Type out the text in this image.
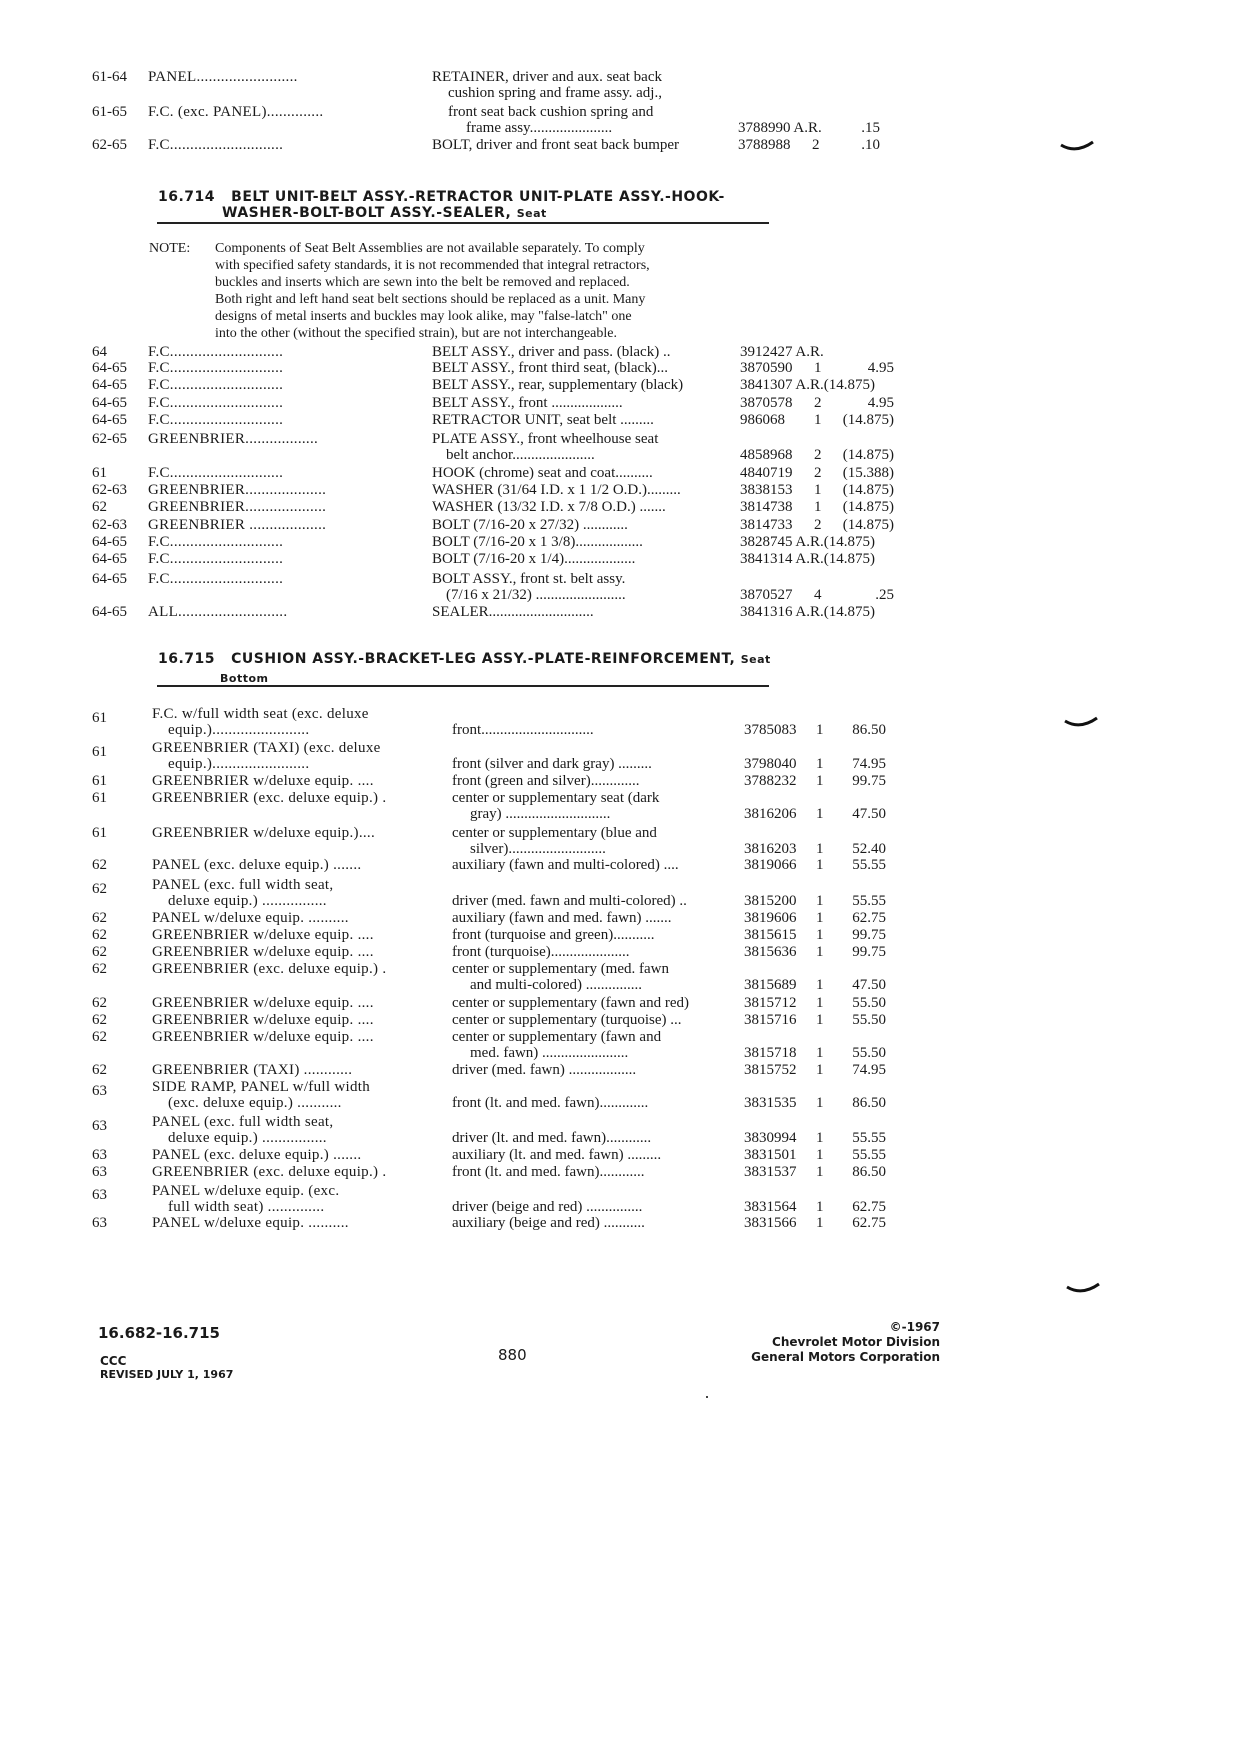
61-64	PANEL.........................	RETAINER, driver and aux. seat back
cushion spring and frame assy. adj.,
61-65	F.C. (exc. PANEL)..............	front seat back cushion spring and
frame assy......................	3788990 A.R.	.15
62-65	F.C............................	BOLT, driver and front seat back bumper	3788988	2	.10
16.714 BELT UNIT-BELT ASSY.-RETRACTOR UNIT-PLATE ASSY.-HOOK-
WASHER-BOLT-BOLT ASSY.-SEALER, Seat
NOTE: Components of Seat Belt Assemblies are not available separately. To comply
with specified safety standards, it is not recommended that integral retractors,
buckles and inserts which are sewn into the belt be removed and replaced.
Both right and left hand seat belt sections should be replaced as a unit. Many
designs of metal inserts and buckles may look alike, may "false-latch" one
into the other (without the specified strain), but are not interchangeable.
64	F.C............................	BELT ASSY., driver and pass. (black) ..	3912427 A.R.
64-65	F.C............................	BELT ASSY., front third seat, (black)...	3870590	1	4.95
64-65	F.C............................	BELT ASSY., rear, supplementary (black)	3841307 A.R.(14.875)
64-65	F.C............................	BELT ASSY., front ...................	3870578	2	4.95
64-65	F.C............................	RETRACTOR UNIT, seat belt .........	986068	1	(14.875)
62-65	GREENBRIER..................	PLATE ASSY., front wheelhouse seat
belt anchor......................	4858968	2	(14.875)
61	F.C............................	HOOK (chrome) seat and coat..........	4840719	2	(15.388)
62-63	GREENBRIER....................	WASHER (31/64 I.D. x 1 1/2 O.D.).........	3838153	1	(14.875)
62	GREENBRIER....................	WASHER (13/32 I.D. x 7/8 O.D.) .......	3814738	1	(14.875)
62-63	GREENBRIER ...................	BOLT (7/16-20 x 27/32) ............	3814733	2	(14.875)
64-65	F.C............................	BOLT (7/16-20 x 1 3/8)..................	3828745 A.R.(14.875)
64-65	F.C............................	BOLT (7/16-20 x 1/4)...................	3841314 A.R.(14.875)
64-65	F.C............................	BOLT ASSY., front st. belt assy.
(7/16 x 21/32) ........................	3870527	4	.25
64-65	ALL...........................	SEALER............................	3841316 A.R.(14.875)
16.715 CUSHION ASSY.-BRACKET-LEG ASSY.-PLATE-REINFORCEMENT, Seat
Bottom
61	F.C. w/full width seat (exc. deluxe
equip.)........................	front..............................	3785083	1	86.50
61	GREENBRIER (TAXI) (exc. deluxe
equip.)........................	front (silver and dark gray) .........	3798040	1	74.95
61	GREENBRIER w/deluxe equip. ....	front (green and silver).............	3788232	1	99.75
61	GREENBRIER (exc. deluxe equip.) .	center or supplementary seat (dark
gray) ............................	3816206	1	47.50
61	GREENBRIER w/deluxe equip.)....	center or supplementary (blue and
silver)..........................	3816203	1	52.40
62	PANEL (exc. deluxe equip.) .......	auxiliary (fawn and multi-colored) ....	3819066	1	55.55
62	PANEL (exc. full width seat,
deluxe equip.) ................	driver (med. fawn and multi-colored) ..	3815200	1	55.55
62	PANEL w/deluxe equip. ..........	auxiliary (fawn and med. fawn) .......	3819606	1	62.75
62	GREENBRIER w/deluxe equip. ....	front (turquoise and green)...........	3815615	1	99.75
62	GREENBRIER w/deluxe equip. ....	front (turquoise).....................	3815636	1	99.75
62	GREENBRIER (exc. deluxe equip.) .	center or supplementary (med. fawn
and multi-colored) ...............	3815689	1	47.50
62	GREENBRIER w/deluxe equip. ....	center or supplementary (fawn and red)	3815712	1	55.50
62	GREENBRIER w/deluxe equip. ....	center or supplementary (turquoise) ...	3815716	1	55.50
62	GREENBRIER w/deluxe equip. ....	center or supplementary (fawn and
med. fawn) .......................	3815718	1	55.50
62	GREENBRIER (TAXI) ............	driver (med. fawn) ..................	3815752	1	74.95
63	SIDE RAMP, PANEL w/full width
(exc. deluxe equip.) ...........	front (lt. and med. fawn).............	3831535	1	86.50
63	PANEL (exc. full width seat,
deluxe equip.) ................	driver (lt. and med. fawn)............	3830994	1	55.55
63	PANEL (exc. deluxe equip.) .......	auxiliary (lt. and med. fawn) .........	3831501	1	55.55
63	GREENBRIER (exc. deluxe equip.) .	front (lt. and med. fawn)............	3831537	1	86.50
63	PANEL w/deluxe equip. (exc.
full width seat) ..............	driver (beige and red) ...............	3831564	1	62.75
63	PANEL w/deluxe equip. ..........	auxiliary (beige and red) ...........	3831566	1	62.75
16.682-16.715
CCC
REVISED JULY 1, 1967
880
©-1967
Chevrolet Motor Division
General Motors Corporation
